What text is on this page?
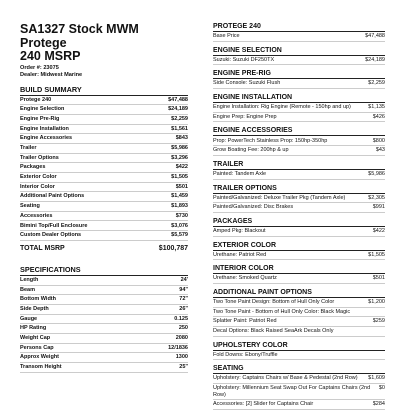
SA1327 Stock MWM Protege
240 MSRP
Order #: 23075
Dealer: Midwest Marine
BUILD SUMMARY
Protege 240	$47,488
Engine Selection	$24,189
Engine Pre-Rig	$2,259
Engine Installation	$1,561
Engine Accessories	$843
Trailer	$5,986
Trailer Options	$3,296
Packages	$422
Exterior Color	$1,505
Interior Color	$501
Additional Paint Options	$1,459
Seating	$1,893
Accessories	$730
Bimini Top/Full Enclosure	$3,076
Custom Dealer Options	$5,579
TOTAL MSRP	$100,787
SPECIFICATIONS
Length	24'
Beam	94"
Bottom Width	72"
Side Depth	26"
Gauge	0.125
HP Rating	250
Weight Cap	2080
Persons Cap	12/1836
Approx Weight	1300
Transom Height	25"
PROTEGE 240
Base Price	$47,488
ENGINE SELECTION
Suzuki: Suzuki DF250TX	$24,189
ENGINE PRE-RIG
Side Console: Suzuki Flush	$2,259
ENGINE INSTALLATION
Engine Installation: Rig Engine (Remote - 150hp and up)	$1,135
Engine Prep: Engine Prep	$426
ENGINE ACCESSORIES
Prop: PowerTech Stainless Prop: 150hp-350hp	$800
Grow Boating Fee: 200hp & up	$43
TRAILER
Painted: Tandem Axle	$5,986
TRAILER OPTIONS
Painted/Galvanized: Deluxe Trailer Pkg (Tandem Axle)	$2,305
Painted/Galvanized: Disc Brakes	$991
PACKAGES
Amped Pkg: Blackout	$422
EXTERIOR COLOR
Urethane: Patriot Red	$1,505
INTERIOR COLOR
Urethane: Smoked Quartz	$501
ADDITIONAL PAINT OPTIONS
Two Tone Paint Design: Bottom of Hull Only Color	$1,200
Two Tone Paint - Bottom of Hull Only Color: Black Magic
Splatter Paint: Patriot Red	$259
Decal Options: Black Raised SeaArk Decals Only
UPHOLSTERY COLOR
Fold Downs: Ebony/Truffle
SEATING
Upholstery: Captains Chairs w/ Base & Pedestal (2nd Row)	$1,609
Upholstery: Millennium Seat Swap Out For Captains Chairs (2nd Row)
$0
Accessories: [2] Slider for Captains Chair	$284
